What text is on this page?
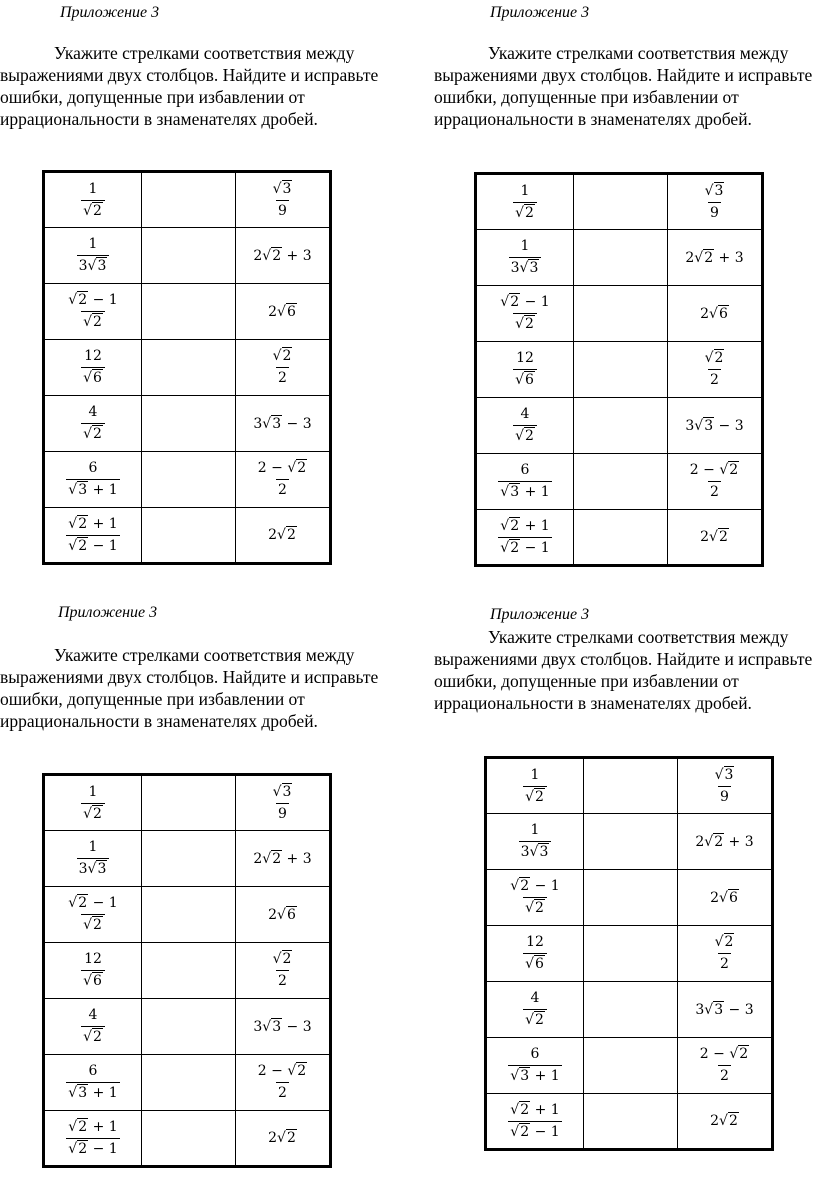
Приложение 3
Укажите стрелками соответствия между выражениями двух столбцов. Найдите и исправьте ошибки, допущенные при избавлении от иррациональности в знаменателях дробей.
$\frac{1}{√2}$		$\frac{√3}{9}$

$\frac{1}{3√3}$		2√2 + 3

$\frac{√2 - 1}{√2}$		2√6

$\frac{12}{√6}$		$\frac{√2}{2}$

$\frac{4}{√2}$		3√3 − 3

$\frac{6}{√3 + 1}$		$\frac{2 - √2}{2}$

$\frac{√2 + 1}{√2 - 1}$		2√2
Приложение 3
Укажите стрелками соответствия между выражениями двух столбцов. Найдите и исправьте ошибки, допущенные при избавлении от иррациональности в знаменателях дробей.
$\frac{1}{√2}$		$\frac{√3}{9}$

$\frac{1}{3√3}$		2√2 + 3

$\frac{√2 - 1}{√2}$		2√6

$\frac{12}{√6}$		$\frac{√2}{2}$

$\frac{4}{√2}$		3√3 − 3

$\frac{6}{√3 + 1}$		$\frac{2 - √2}{2}$

$\frac{√2 + 1}{√2 - 1}$		2√2
Приложение 3
Укажите стрелками соответствия между выражениями двух столбцов. Найдите и исправьте ошибки, допущенные при избавлении от иррациональности в знаменателях дробей.
$\frac{1}{√2}$		$\frac{√3}{9}$

$\frac{1}{3√3}$		2√2 + 3

$\frac{√2 - 1}{√2}$		2√6

$\frac{12}{√6}$		$\frac{√2}{2}$

$\frac{4}{√2}$		3√3 − 3

$\frac{6}{√3 + 1}$		$\frac{2 - √2}{2}$

$\frac{√2 + 1}{√2 - 1}$		2√2
Приложение 3
Укажите стрелками соответствия между выражениями двух столбцов. Найдите и исправьте ошибки, допущенные при избавлении от иррациональности в знаменателях дробей.
$\frac{1}{√2}$		$\frac{√3}{9}$

$\frac{1}{3√3}$		2√2 + 3

$\frac{√2 - 1}{√2}$		2√6

$\frac{12}{√6}$		$\frac{√2}{2}$

$\frac{4}{√2}$		3√3 − 3

$\frac{6}{√3 + 1}$		$\frac{2 - √2}{2}$

$\frac{√2 + 1}{√2 - 1}$		2√2
